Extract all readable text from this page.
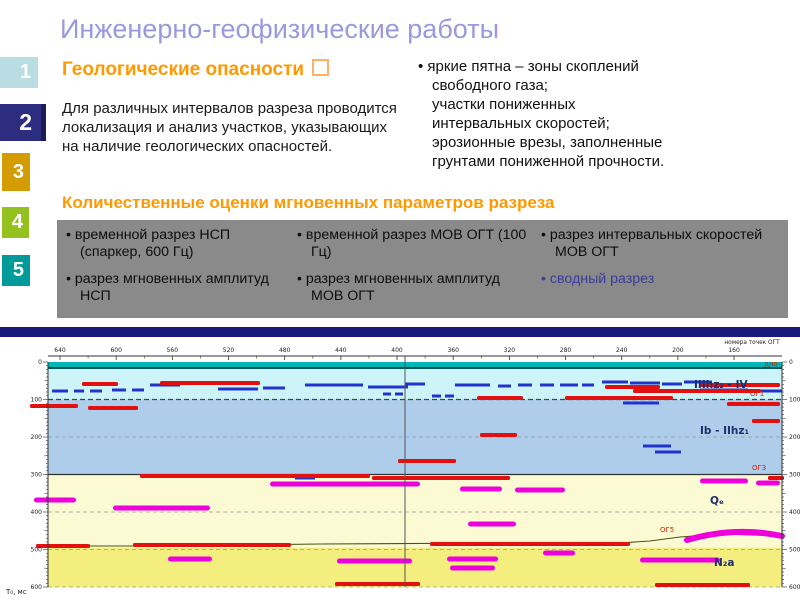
1
2
3
4
5
Инженерно-геофизические работы
Геологические опасности
Для различных интервалов разреза проводится локализация и анализ участков, указывающих на наличие геологических опасностей.
• яркие пятна – зоны скоплений
свободного газа;
участки пониженных
интервальных скоростей;
эрозионные врезы, заполненные
грунтами пониженной прочности.
Количественные оценки мгновенных параметров разреза
• временной разрез НСП (спаркер, 600 Гц)
• разрез мгновенных амплитуд НСП
• временной разрез МОВ ОГТ (100 Гц)
• разрез мгновенных амплитуд МОВ ОГТ
• разрез интервальных скоростей МОВ ОГТ
• сводный разрез
IIIhz₂ - IV
Ib - IIhz₁
Qₑ
N₂a
дно
ОГ1
ОГ3
ОГ5
640	600	560	520	480	440	400	360	320	280	240	200	160
номера точек ОГТ
0
100
200
300
400
500
600
0
100
200
300
400
500
600
Т₀, мс
